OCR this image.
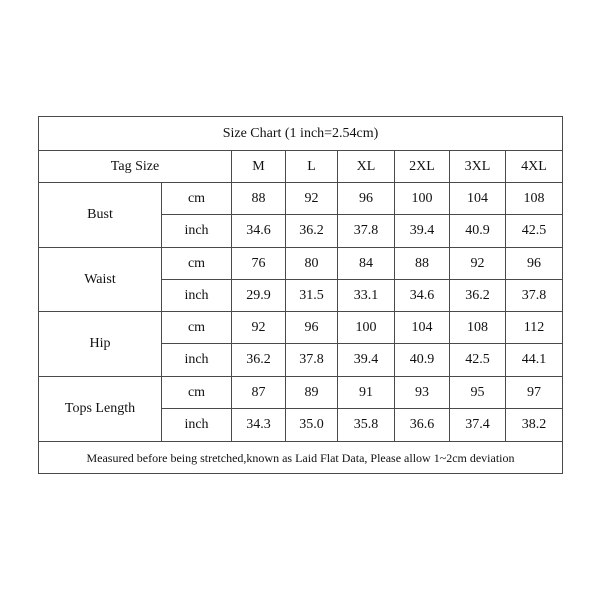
Size Chart (1 inch=2.54cm)							
Tag Size		M	L	XL	2XL	3XL	4XL
Bust	cm	88	92	96	100	104	108
	inch	34.6	36.2	37.8	39.4	40.9	42.5
Waist	cm	76	80	84	88	92	96
	inch	29.9	31.5	33.1	34.6	36.2	37.8
Hip	cm	92	96	100	104	108	112
	inch	36.2	37.8	39.4	40.9	42.5	44.1
Tops Length	cm	87	89	91	93	95	97
	inch	34.3	35.0	35.8	36.6	37.4	38.2
Measured before being stretched,known as Laid Flat Data, Please allow 1~2cm deviation							
